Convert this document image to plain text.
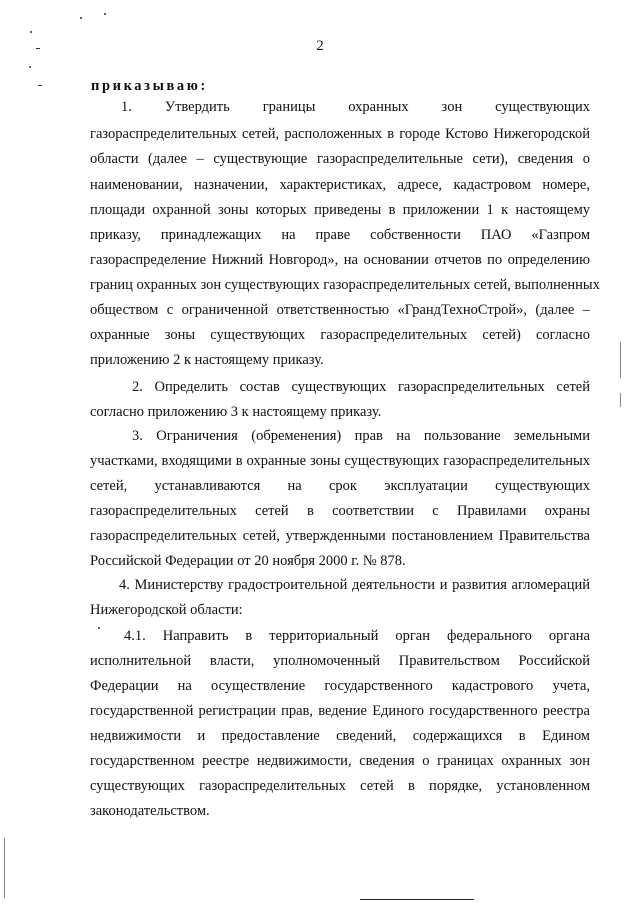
2
приказываю:
1. Утвердить границы охранных зон существующих
газораспределительных сетей, расположенных в городе Кстово Нижегородской
области (далее – существующие газораспределительные сети), сведения о
наименовании, назначении, характеристиках, адресе, кадастровом номере,
площади охранной зоны которых приведены в приложении 1 к настоящему
приказу, принадлежащих на праве собственности ПАО «Газпром
газораспределение Нижний Новгород», на основании отчетов по определению
границ охранных зон существующих газораспределительных сетей, выполненных
обществом с ограниченной ответственностью «ГрандТехноСтрой», (далее –
охранные зоны существующих газораспределительных сетей) согласно
приложению 2 к настоящему приказу.
2. Определить состав существующих газораспределительных сетей
согласно приложению 3 к настоящему приказу.
3. Ограничения (обременения) прав на пользование земельными
участками, входящими в охранные зоны существующих газораспределительных
сетей, устанавливаются на срок эксплуатации существующих
газораспределительных сетей в соответствии с Правилами охраны
газораспределительных сетей, утвержденными постановлением Правительства
Российской Федерации от 20 ноября 2000 г. № 878.
4. Министерству градостроительной деятельности и развития агломераций
Нижегородской области:
4.1. Направить в территориальный орган федерального органа
исполнительной власти, уполномоченный Правительством Российской
Федерации на осуществление государственного кадастрового учета,
государственной регистрации прав, ведение Единого государственного реестра
недвижимости и предоставление сведений, содержащихся в Едином
государственном реестре недвижимости, сведения о границах охранных зон
существующих газораспределительных сетей в порядке, установленном
законодательством.
